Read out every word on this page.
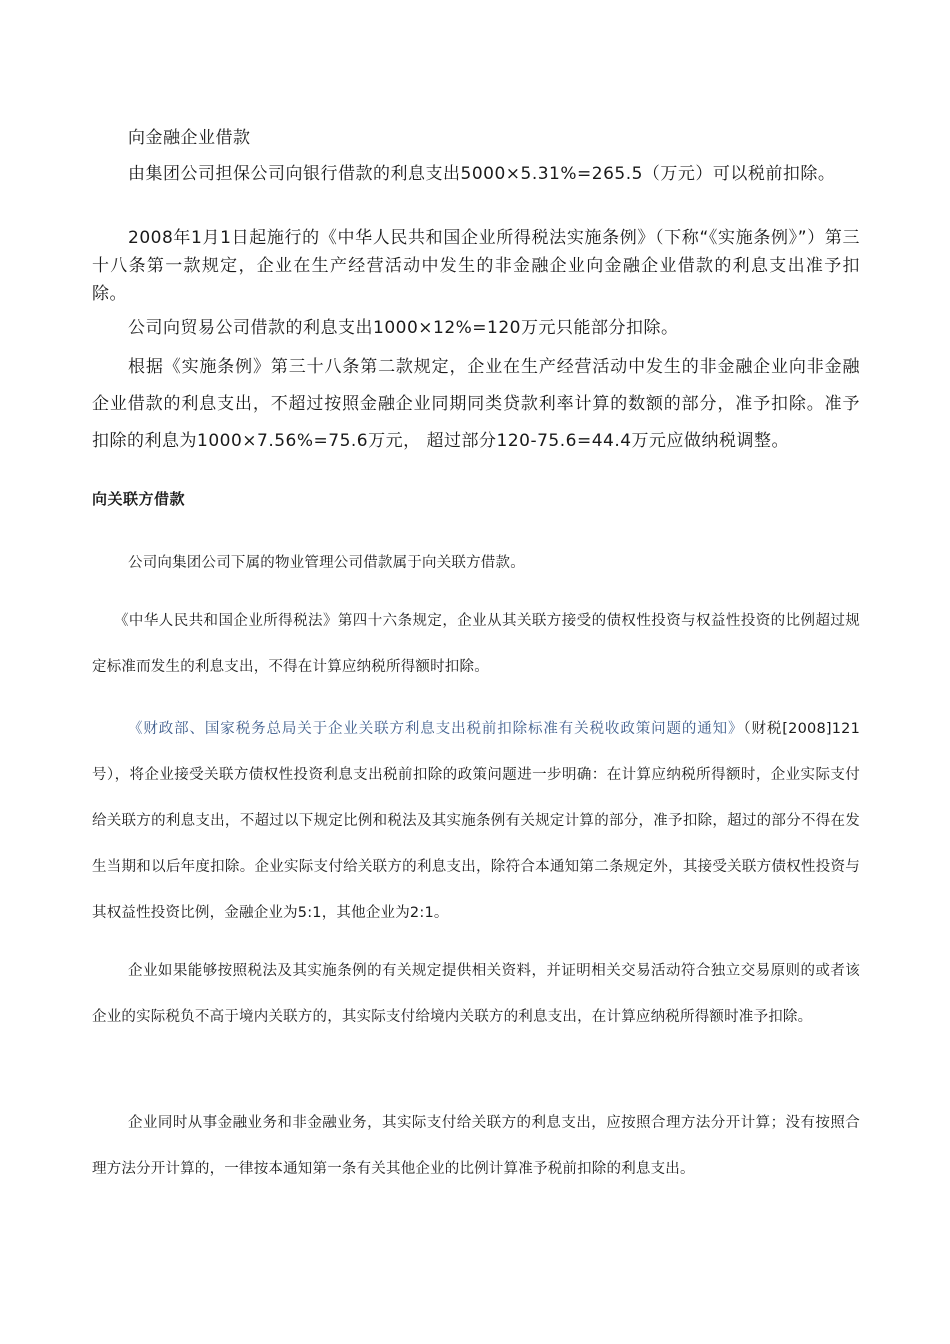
向金融企业借款

由集团公司担保公司向银行借款的利息支出5000×5.31%=265.5（万元）可以税前扣除。

2008年1月1日起施行的《中华人民共和国企业所得税法实施条例》（下称“《实施条例》”）第三十八条第一款规定，企业在生产经营活动中发生的非金融企业向金融企业借款的利息支出准予扣除。

公司向贸易公司借款的利息支出1000×12%=120万元只能部分扣除。

根据《实施条例》第三十八条第二款规定，企业在生产经营活动中发生的非金融企业向非金融企业借款的利息支出，不超过按照金融企业同期同类贷款利率计算的数额的部分，准予扣除。准予扣除的利息为1000×7.56%=75.6万元， 超过部分120-75.6=44.4万元应做纳税调整。

向关联方借款

公司向集团公司下属的物业管理公司借款属于向关联方借款。

《中华人民共和国企业所得税法》第四十六条规定，企业从其关联方接受的债权性投资与权益性投资的比例超过规定标准而发生的利息支出，不得在计算应纳税所得额时扣除。

《财政部、国家税务总局关于企业关联方利息支出税前扣除标准有关税收政策问题的通知》（财税[2008]121号），将企业接受关联方债权性投资利息支出税前扣除的政策问题进一步明确：在计算应纳税所得额时，企业实际支付给关联方的利息支出，不超过以下规定比例和税法及其实施条例有关规定计算的部分，准予扣除，超过的部分不得在发生当期和以后年度扣除。企业实际支付给关联方的利息支出，除符合本通知第二条规定外，其接受关联方债权性投资与其权益性投资比例，金融企业为5:1，其他企业为2:1。

企业如果能够按照税法及其实施条例的有关规定提供相关资料，并证明相关交易活动符合独立交易原则的或者该企业的实际税负不高于境内关联方的，其实际支付给境内关联方的利息支出，在计算应纳税所得额时准予扣除。

企业同时从事金融业务和非金融业务，其实际支付给关联方的利息支出，应按照合理方法分开计算；没有按照合理方法分开计算的，一律按本通知第一条有关其他企业的比例计算准予税前扣除的利息支出。
